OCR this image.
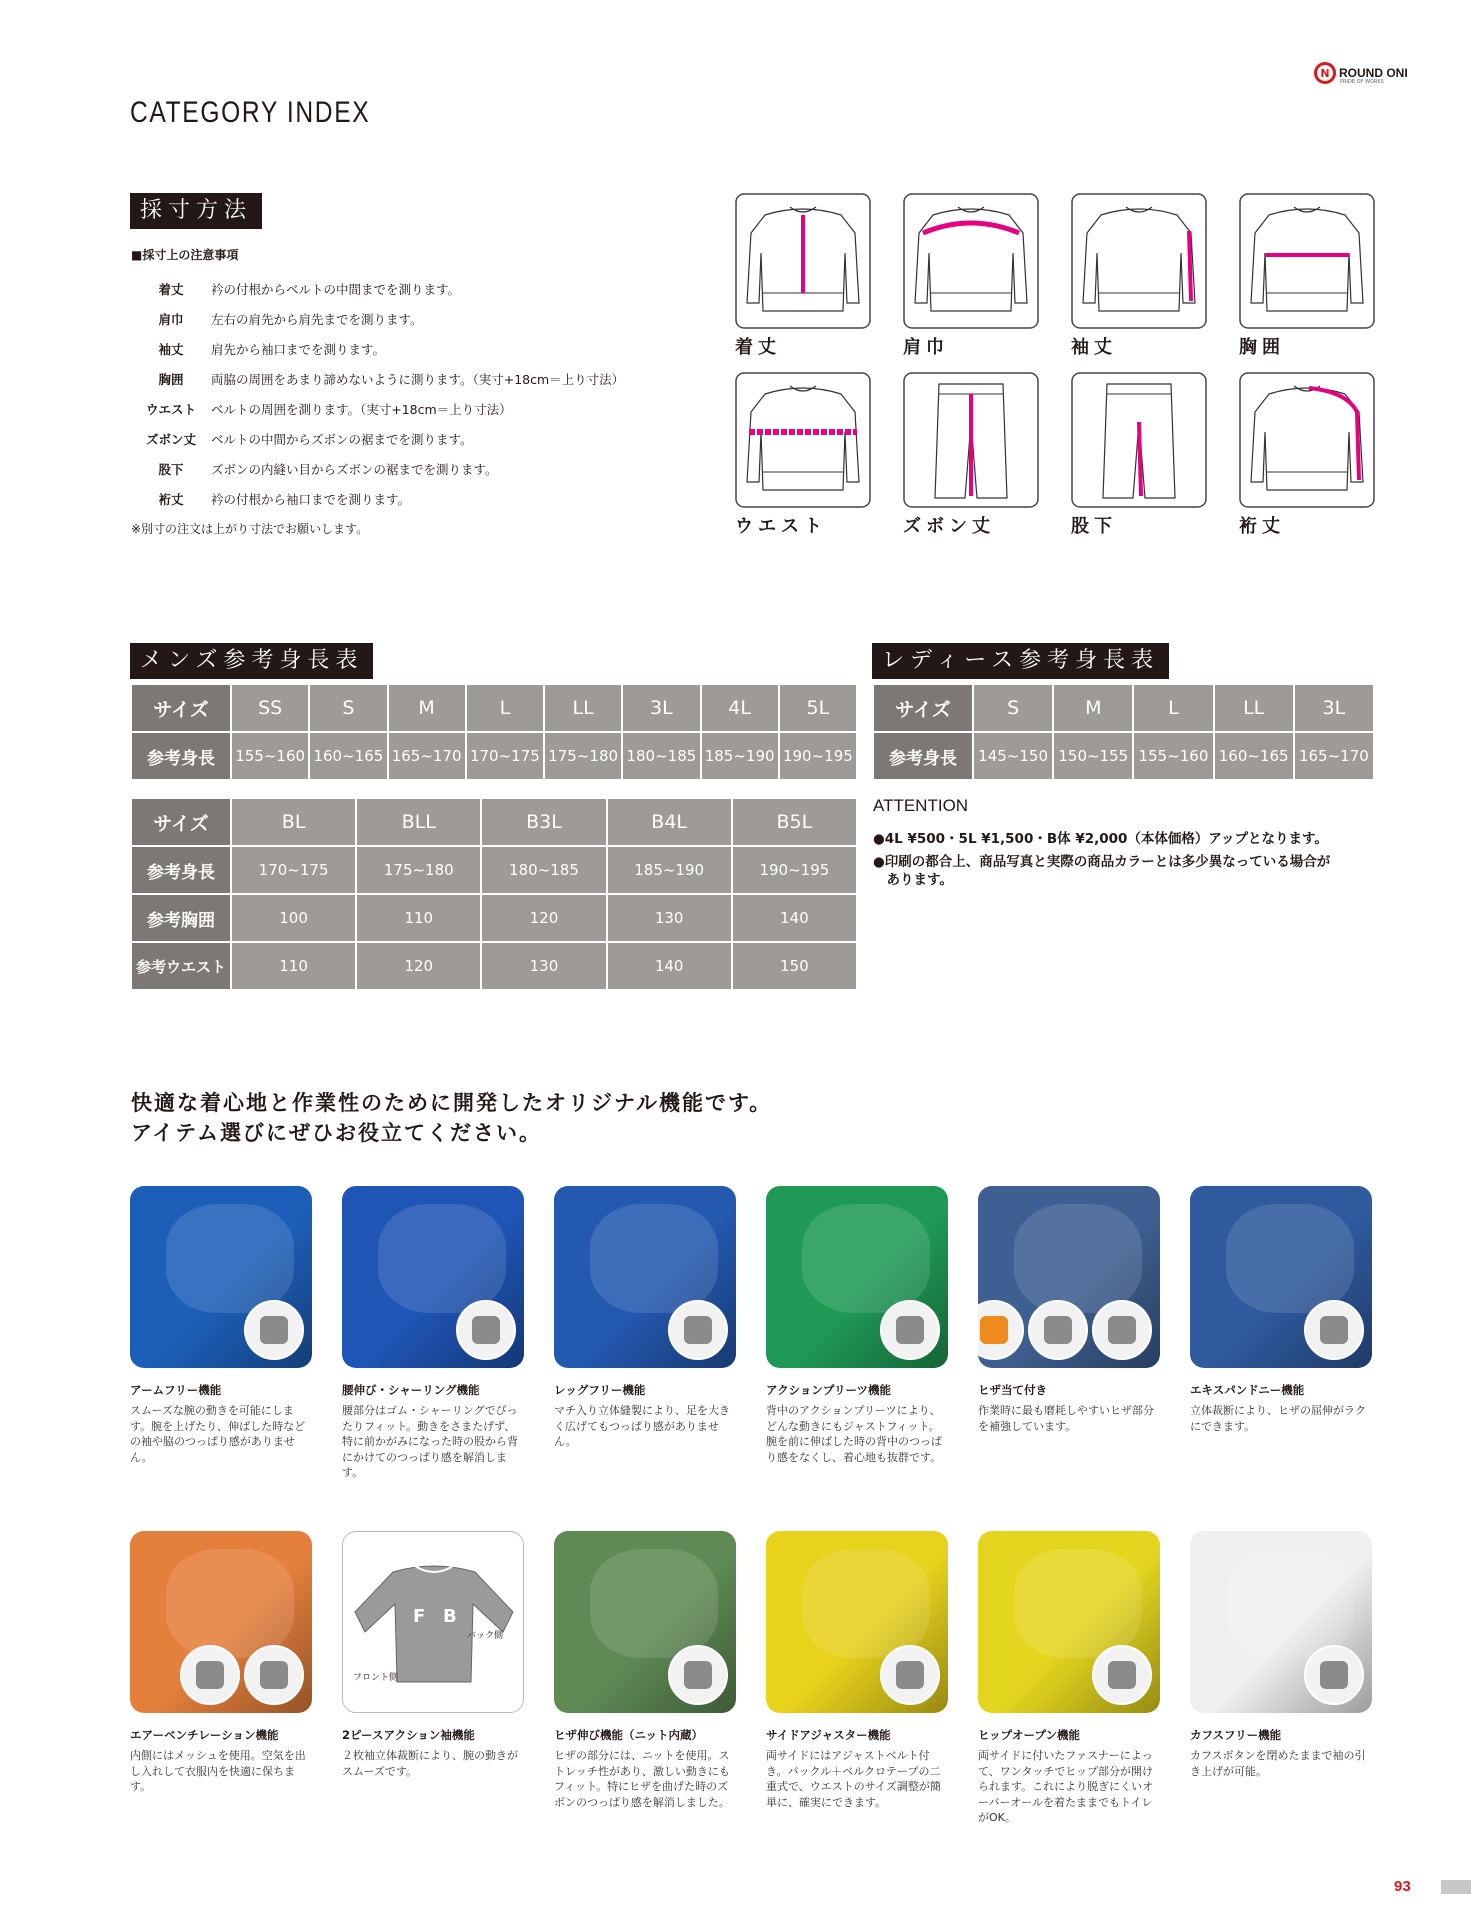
N ROUND ONI
PRIDE OF WORKS
CATEGORY INDEX
採寸方法
■採寸上の注意事項
着丈	衿の付根からベルトの中間までを測ります。
肩巾	左右の肩先から肩先までを測ります。
袖丈	肩先から袖口までを測ります。
胸囲	両脇の周囲をあまり諦めないように測ります。（実寸+18cm＝上り寸法）
ウエスト	ベルトの周囲を測ります。（実寸+18cm＝上り寸法）
ズボン丈	ベルトの中間からズボンの裾までを測ります。
股下	ズボンの内縫い目からズボンの裾までを測ります。
裄丈	衿の付根から袖口までを測ります。
※別寸の注文は上がり寸法でお願いします。
着丈	肩巾	袖丈	胸囲
ウエスト	ズボン丈	股下	裄丈
メンズ参考身長表
サイズ	SS	S	M	L	LL	3L	4L	5L
参考身長	155~160	160~165	165~170	170~175	175~180	180~185	185~190	190~195
サイズ	BL	BLL	B3L	B4L	B5L
参考身長	170~175	175~180	180~185	185~190	190~195
参考胸囲	100	110	120	130	140
参考ウエスト	110	120	130	140	150
レディース参考身長表
サイズ	S	M	L	LL	3L
参考身長	145~150	150~155	155~160	160~165	165~170
ATTENTION
●4L ¥500・5L ¥1,500・B体 ¥2,000（本体価格）アップとなります。
●印刷の都合上、商品写真と実際の商品カラーとは多少異なっている場合が
　あります。
快適な着心地と作業性のために開発したオリジナル機能です。
アイテム選びにぜひお役立てください。
アームフリー機能
スムーズな腕の動きを可能にします。腕を上げたり、伸ばした時などの袖や脇のつっぱり感がありません。
腰伸び・シャーリング機能
腰部分はゴム・シャーリングでぴったりフィット。動きをさまたげず、特に前かがみになった時の股から背にかけてのつっぱり感を解消します。
レッグフリー機能
マチ入り立体縫製により、足を大きく広げてもつっぱり感がありません。
アクションプリーツ機能
背中のアクションプリーツにより、どんな動きにもジャストフィット。腕を前に伸ばした時の背中のつっぱり感をなくし、着心地も抜群です。
ヒザ当て付き
作業時に最も磨耗しやすいヒザ部分を補強しています。
エキスパンドニー機能
立体裁断により、ヒザの屈伸がラクにできます。
エアーベンチレーション機能
内側にはメッシュを使用。空気を出し入れして衣服内を快適に保ちます。
F B
バック側
フロント側
2ピースアクション袖機能
２枚袖立体裁断により、腕の動きがスムーズです。
ヒザ伸び機能（ニット内蔵）
ヒザの部分には、ニットを使用。ストレッチ性があり、激しい動きにもフィット。特にヒザを曲げた時のズボンのつっぱり感を解消しました。
サイドアジャスター機能
両サイドにはアジャストベルト付き。バックル＋ベルクロテープの二重式で、ウエストのサイズ調整が簡単に、確実にできます。
ヒップオープン機能
両サイドに付いたファスナーによって、ワンタッチでヒップ部分が開けられます。これにより脱ぎにくいオーバーオールを着たままでもトイレがOK。
カフスフリー機能
カフスボタンを閉めたままで袖の引き上げが可能。
93
